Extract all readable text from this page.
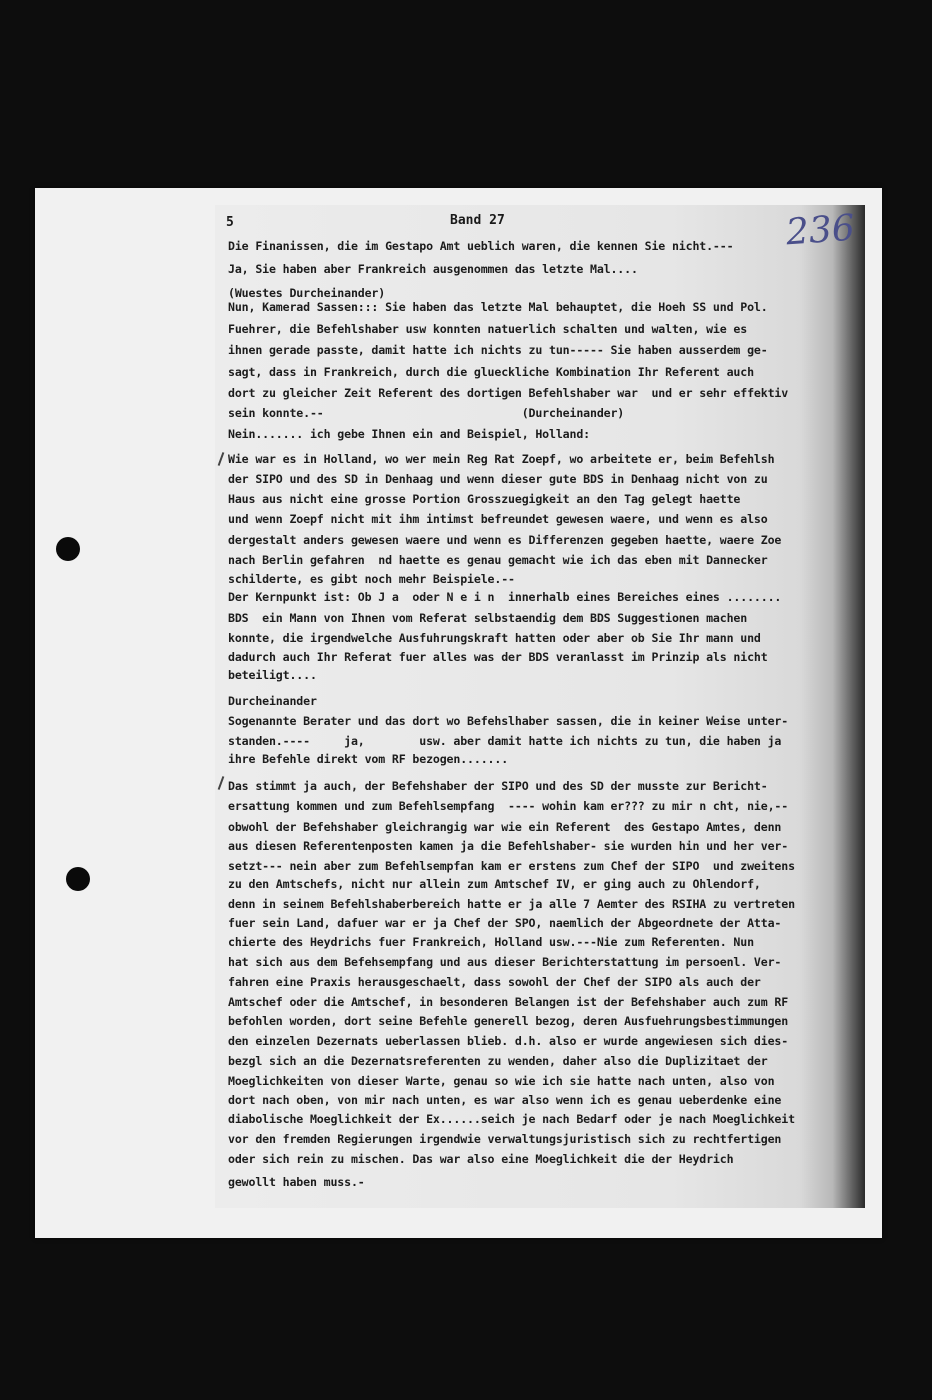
5	Band 27	236
Die Finanissen, die im Gestapo Amt ueblich waren, die kennen Sie nicht.---
Ja, Sie haben aber Frankreich ausgenommen das letzte Mal....
(Wuestes Durcheinander)
Nun, Kamerad Sassen::: Sie haben das letzte Mal behauptet, die Hoeh SS und Pol.
Fuehrer, die Befehlshaber usw konnten natuerlich schalten und walten, wie es
ihnen gerade passte, damit hatte ich nichts zu tun----- Sie haben ausserdem ge-
sagt, dass in Frankreich, durch die glueckliche Kombination Ihr Referent auch
dort zu gleicher Zeit Referent des dortigen Befehlshaber war  und er sehr effektiv
sein konnte.--                             (Durcheinander)
Nein....... ich gebe Ihnen ein and Beispiel, Holland:
Wie war es in Holland, wo wer mein Reg Rat Zoepf, wo arbeitete er, beim Befehlsh
der SIPO und des SD in Denhaag und wenn dieser gute BDS in Denhaag nicht von zu
Haus aus nicht eine grosse Portion Grosszuegigkeit an den Tag gelegt haette
und wenn Zoepf nicht mit ihm intimst befreundet gewesen waere, und wenn es also
dergestalt anders gewesen waere und wenn es Differenzen gegeben haette, waere Zoe
nach Berlin gefahren  nd haette es genau gemacht wie ich das eben mit Dannecker
schilderte, es gibt noch mehr Beispiele.--
Der Kernpunkt ist: Ob J a  oder N e i n  innerhalb eines Bereiches eines ........
BDS  ein Mann von Ihnen vom Referat selbstaendig dem BDS Suggestionen machen
konnte, die irgendwelche Ausfuhrungskraft hatten oder aber ob Sie Ihr mann und
dadurch auch Ihr Referat fuer alles was der BDS veranlasst im Prinzip als nicht
beteiligt....
Durcheinander
Sogenannte Berater und das dort wo Befehslhaber sassen, die in keiner Weise unter-
standen.----     ja,        usw. aber damit hatte ich nichts zu tun, die haben ja
ihre Befehle direkt vom RF bezogen.......
Das stimmt ja auch, der Befehshaber der SIPO und des SD der musste zur Bericht-
ersattung kommen und zum Befehlsempfang  ---- wohin kam er??? zu mir n cht, nie,--
obwohl der Befehshaber gleichrangig war wie ein Referent  des Gestapo Amtes, denn
aus diesen Referentenposten kamen ja die Befehlshaber- sie wurden hin und her ver-
setzt--- nein aber zum Befehlsempfan kam er erstens zum Chef der SIPO  und zweitens
zu den Amtschefs, nicht nur allein zum Amtschef IV, er ging auch zu Ohlendorf,
denn in seinem Befehlshaberbereich hatte er ja alle 7 Aemter des RSIHA zu vertreten
fuer sein Land, dafuer war er ja Chef der SPO, naemlich der Abgeordnete der Atta-
chierte des Heydrichs fuer Frankreich, Holland usw.---Nie zum Referenten. Nun
hat sich aus dem Befehsempfang und aus dieser Berichterstattung im persoenl. Ver-
fahren eine Praxis herausgeschaelt, dass sowohl der Chef der SIPO als auch der
Amtschef oder die Amtschef, in besonderen Belangen ist der Befehshaber auch zum RF
befohlen worden, dort seine Befehle generell bezog, deren Ausfuehrungsbestimmungen
den einzelen Dezernats ueberlassen blieb. d.h. also er wurde angewiesen sich dies-
bezgl sich an die Dezernatsreferenten zu wenden, daher also die Duplizitaet der
Moeglichkeiten von dieser Warte, genau so wie ich sie hatte nach unten, also von
dort nach oben, von mir nach unten, es war also wenn ich es genau ueberdenke eine
diabolische Moeglichkeit der Ex......seich je nach Bedarf oder je nach Moeglichkeit
vor den fremden Regierungen irgendwie verwaltungsjuristisch sich zu rechtfertigen
oder sich rein zu mischen. Das war also eine Moeglichkeit die der Heydrich
gewollt haben muss.-
